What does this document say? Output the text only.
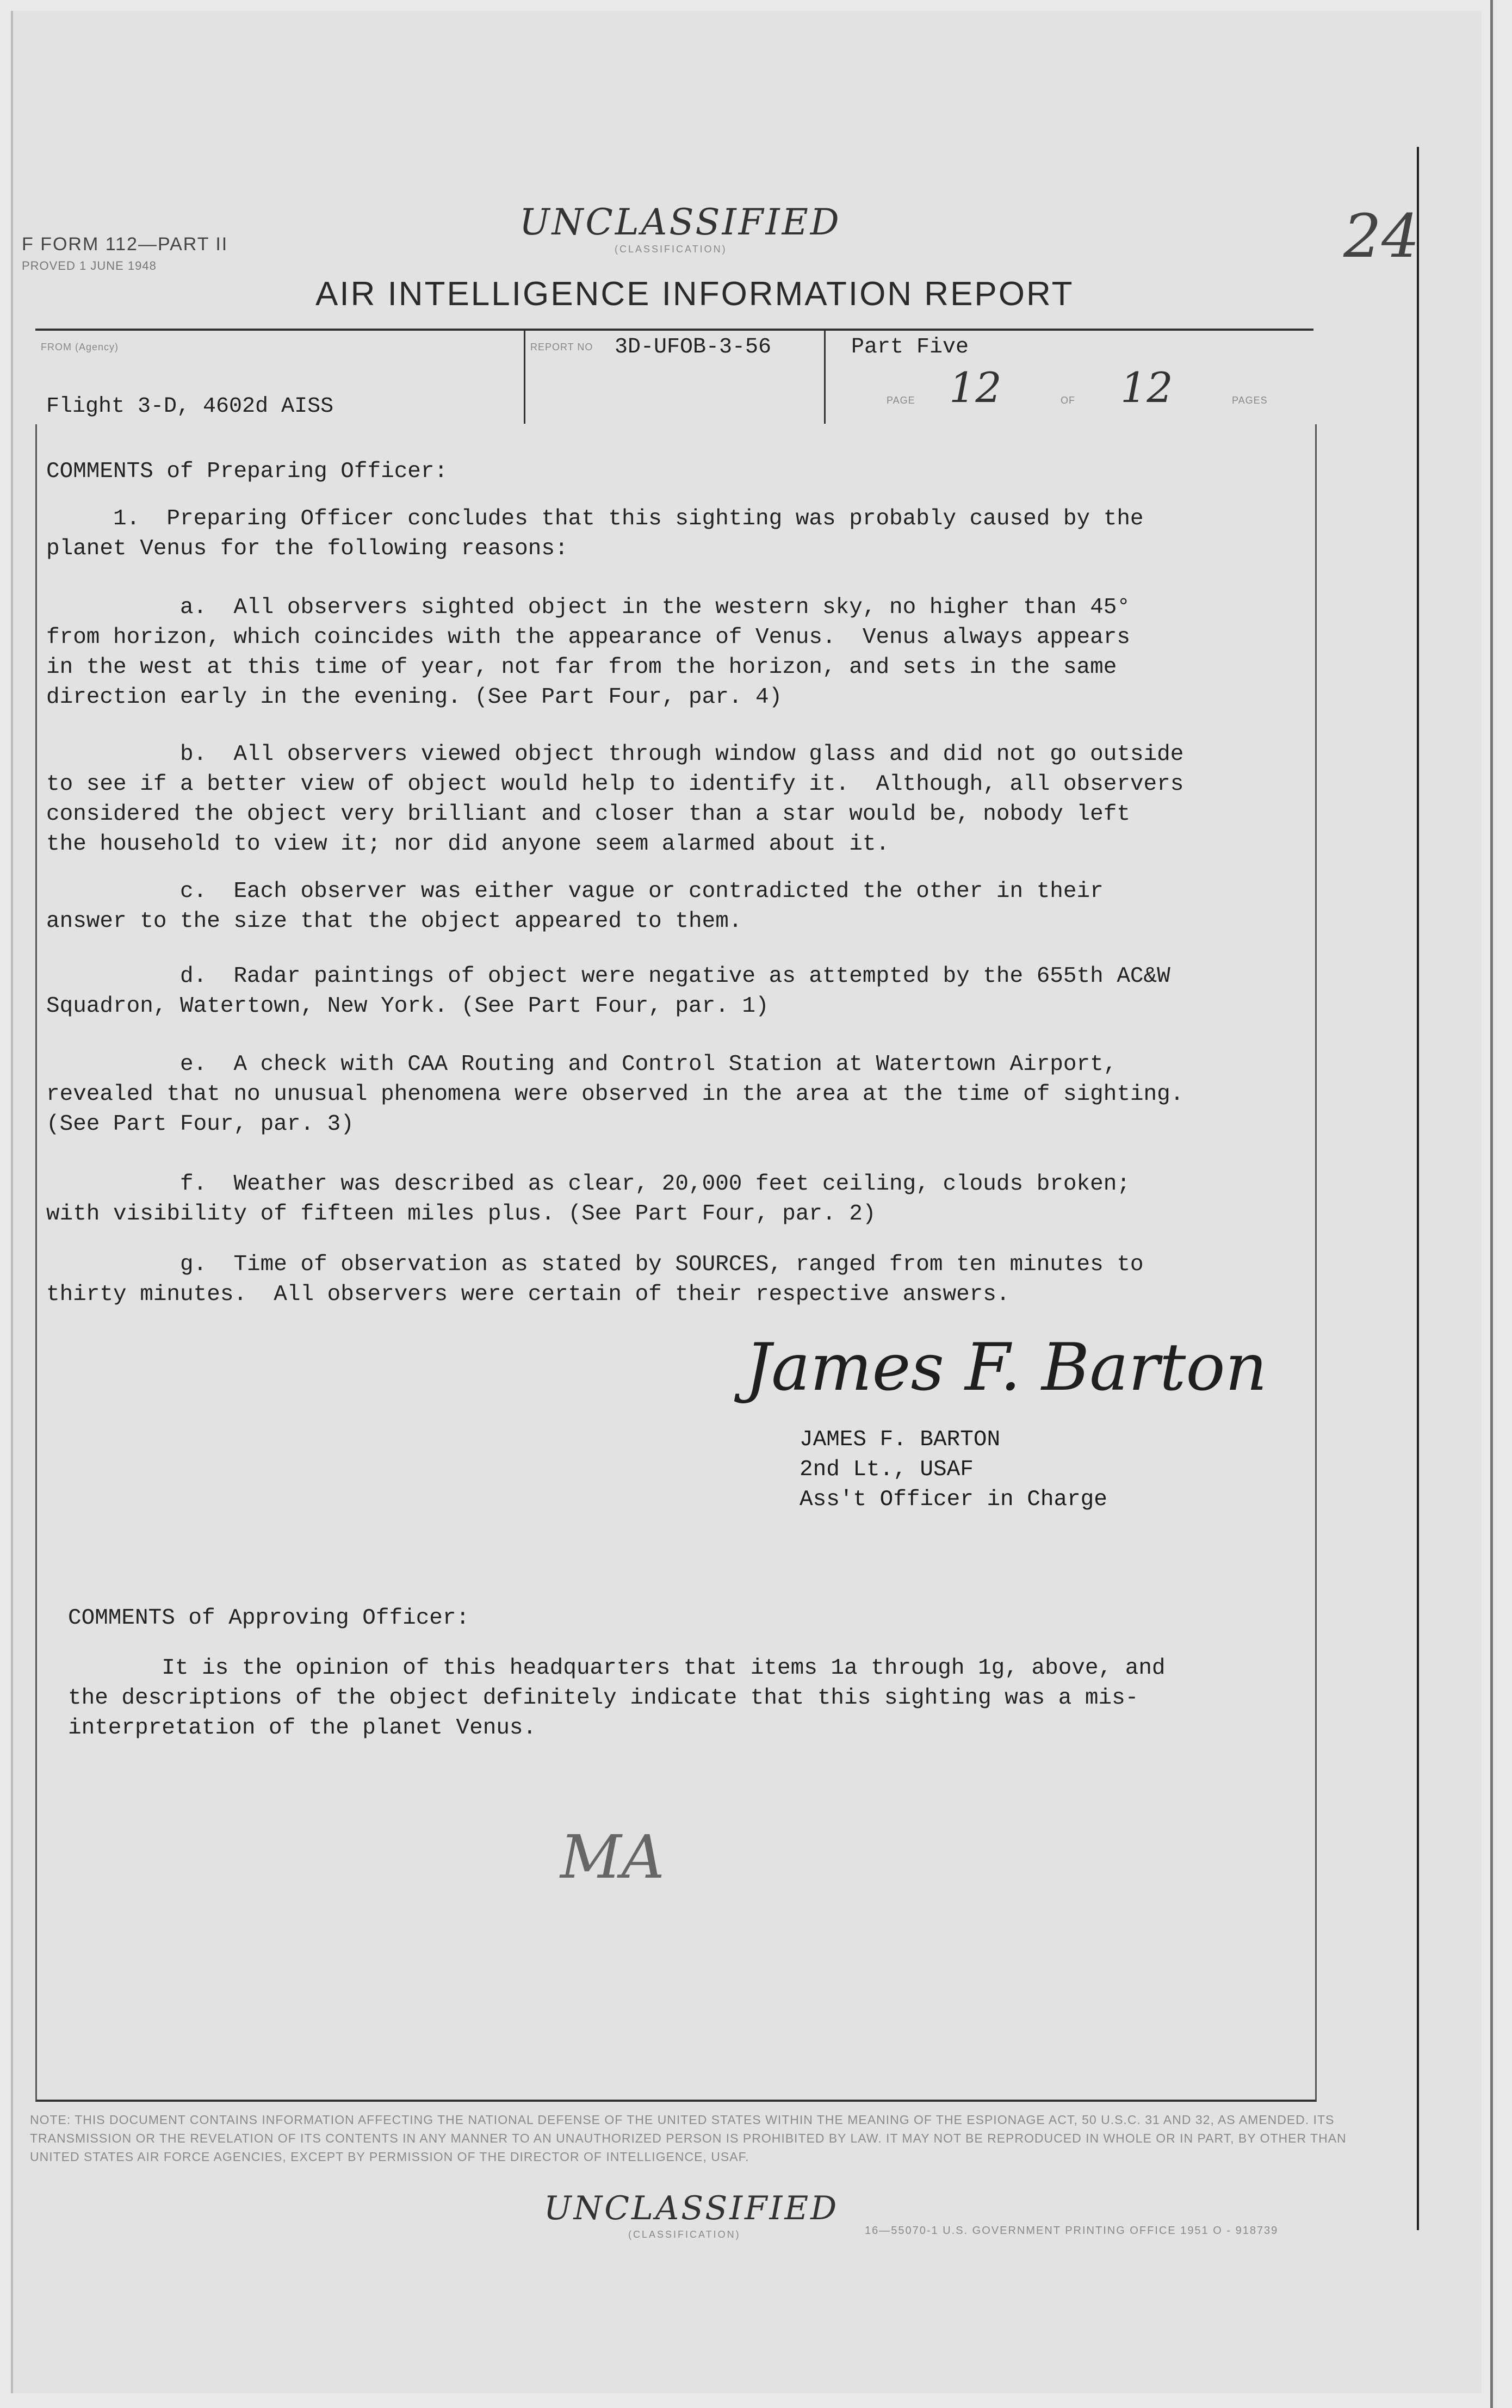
F FORM 112—PART II
PROVED 1 JUNE 1948
UNCLASSIFIED
(CLASSIFICATION)	24
AIR INTELLIGENCE INFORMATION REPORT
FROM (Agency)
Flight 3-D, 4602d AISS
REPORT NO 3D-UFOB-3-56	Part Five
PAGE 12	OF 12	PAGES
COMMENTS of Preparing Officer:
1.  Preparing Officer concludes that this sighting was probably caused by the
planet Venus for the following reasons:
a.  All observers sighted object in the western sky, no higher than 45°
from horizon, which coincides with the appearance of Venus.  Venus always appears
in the west at this time of year, not far from the horizon, and sets in the same
direction early in the evening. (See Part Four, par. 4)
b.  All observers viewed object through window glass and did not go outside
to see if a better view of object would help to identify it.  Although, all observers
considered the object very brilliant and closer than a star would be, nobody left
the household to view it; nor did anyone seem alarmed about it.
c.  Each observer was either vague or contradicted the other in their
answer to the size that the object appeared to them.
d.  Radar paintings of object were negative as attempted by the 655th AC&W
Squadron, Watertown, New York. (See Part Four, par. 1)
e.  A check with CAA Routing and Control Station at Watertown Airport,
revealed that no unusual phenomena were observed in the area at the time of sighting.
(See Part Four, par. 3)
f.  Weather was described as clear, 20,000 feet ceiling, clouds broken;
with visibility of fifteen miles plus. (See Part Four, par. 2)
g.  Time of observation as stated by SOURCES, ranged from ten minutes to
thirty minutes.  All observers were certain of their respective answers.
James F. Barton
JAMES F. BARTON
2nd Lt., USAF
Ass't Officer in Charge
COMMENTS of Approving Officer:
It is the opinion of this headquarters that items 1a through 1g, above, and
the descriptions of the object definitely indicate that this sighting was a mis-
interpretation of the planet Venus.
MA
NOTE: THIS DOCUMENT CONTAINS INFORMATION AFFECTING THE NATIONAL DEFENSE OF THE UNITED STATES WITHIN THE MEANING OF THE ESPIONAGE ACT, 50 U.S.C. 31 AND 32, AS AMENDED. ITS TRANSMISSION OR THE REVELATION OF ITS CONTENTS IN ANY MANNER TO AN UNAUTHORIZED PERSON IS PROHIBITED BY LAW. IT MAY NOT BE REPRODUCED IN WHOLE OR IN PART, BY OTHER THAN UNITED STATES AIR FORCE AGENCIES, EXCEPT BY PERMISSION OF THE DIRECTOR OF INTELLIGENCE, USAF.
UNCLASSIFIED
(CLASSIFICATION)	16—55070-1 U.S. GOVERNMENT PRINTING OFFICE 1951 O - 918739
